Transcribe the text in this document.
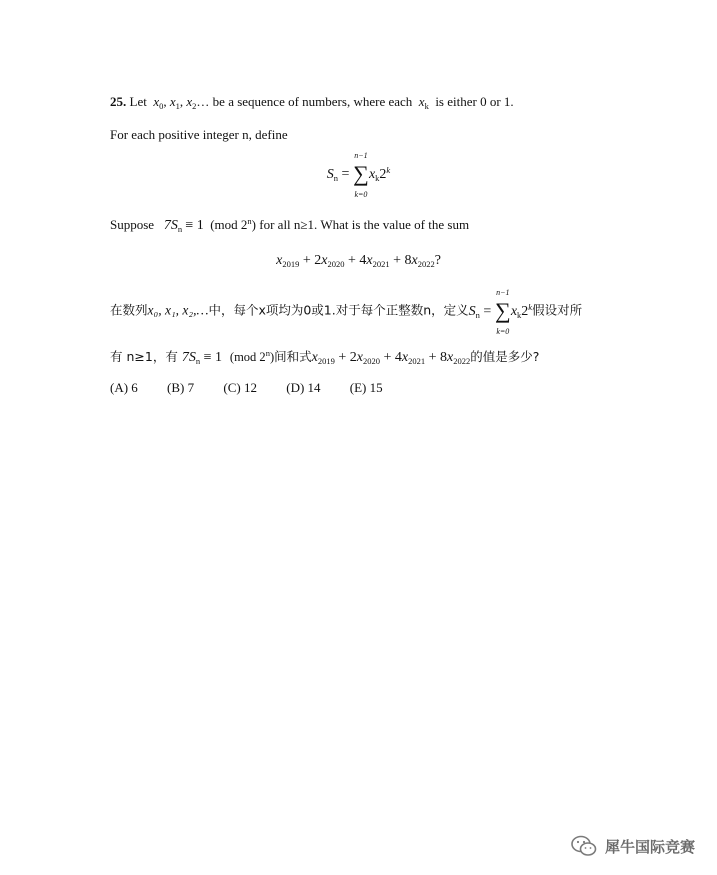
25. Let $x_0$, $x_1$, $x_2\dots$ be a sequence of numbers, where each $x_k$ is either 0 or 1.
For each positive integer n, define
$S_n$ =
n−1
∑
k=0
$x_k2^k$
Suppose $7S_n \equiv 1$ (mod 2$^n$) for all n≥1. What is the value of the sum
$x_{2019} + 2x_{2020} + 4x_{2021} + 8x_{2022}$?
在数列x₀, x₁, x₂,…中，每个x项均为0或1.对于每个正整数n，定义$S_n$ =
n−1
∑
k=0
$x_k2^k$假设对所
有 n≥1，有 $7S_n \equiv 1$ (mod 2$^n$)间和式$x_{2019} + 2x_{2020} + 4x_{2021} + 8x_{2022}$的值是多少?
(A) 6 (B) 7 (C) 12 (D) 14 (E) 15
犀牛国际竞赛
